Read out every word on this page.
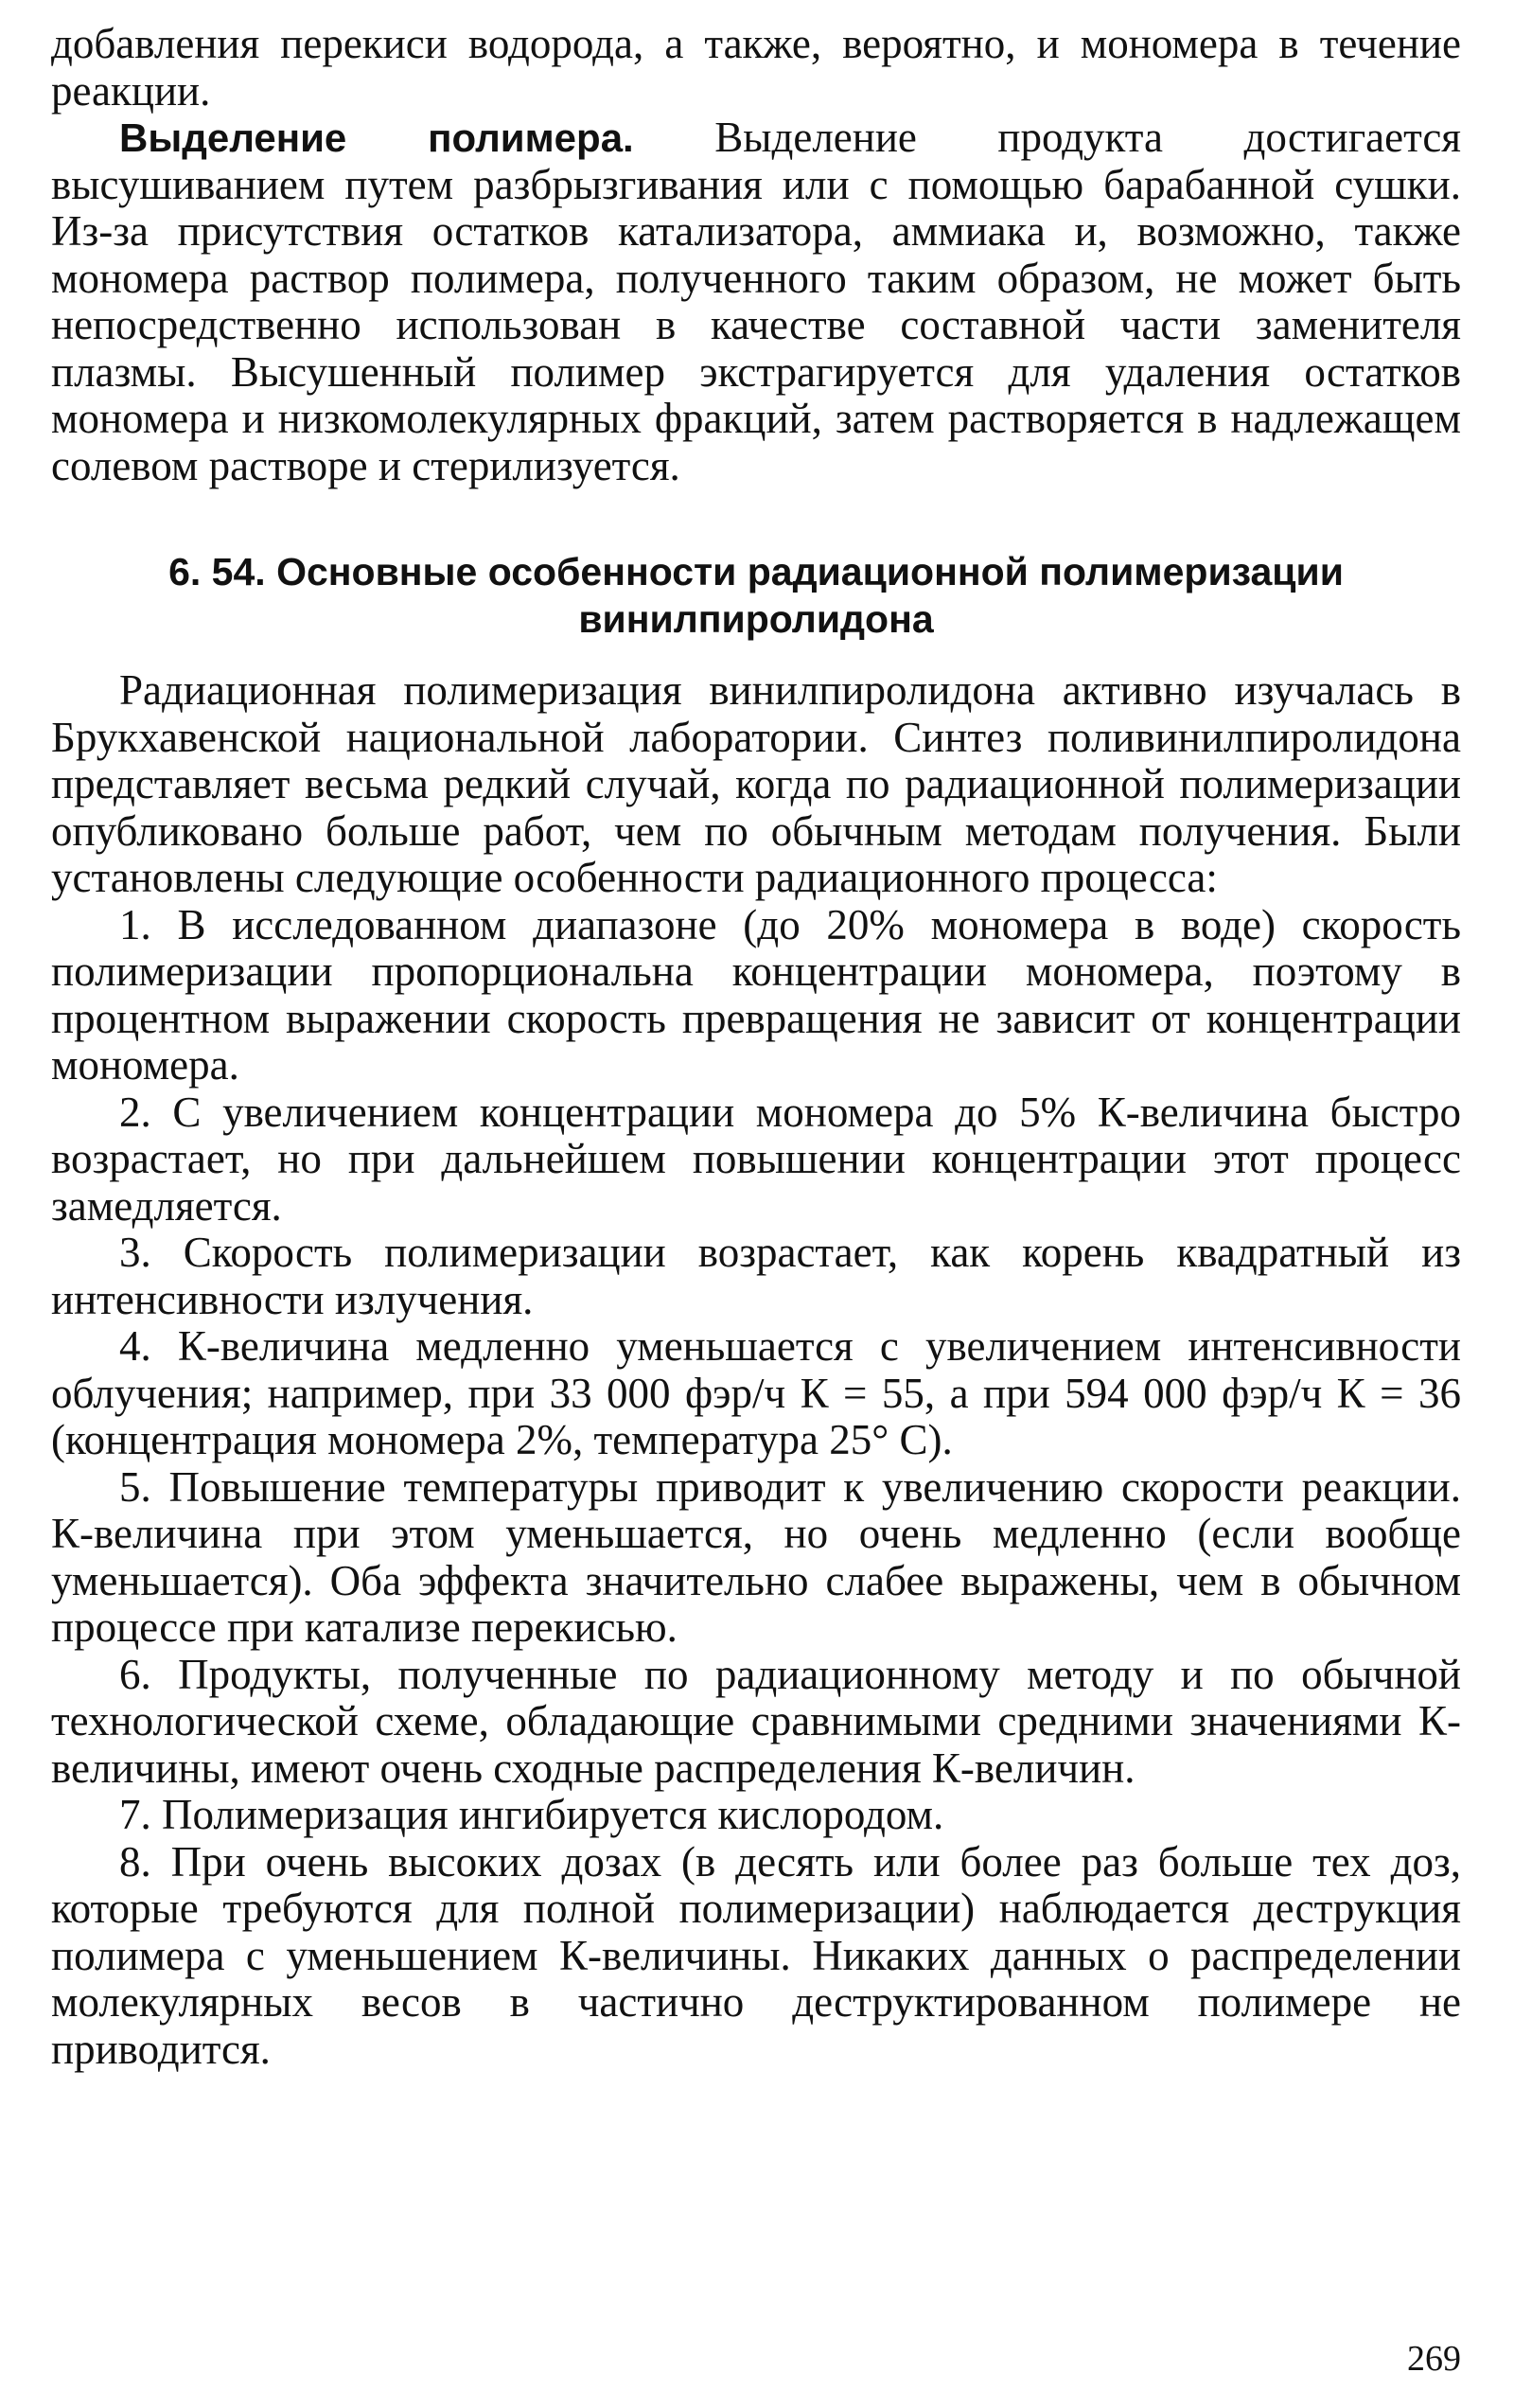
добавления перекиси водорода, а также, вероятно, и мономера в течение реакции.

Выделение полимера. Выделение продукта достигается высушиванием путем разбрызгивания или с помощью барабанной сушки. Из-за присутствия остатков катализатора, аммиака и, возможно, также мономера раствор полимера, полученного таким образом, не может быть непосредственно использован в качестве составной части заменителя плазмы. Высушенный полимер экстрагируется для удаления остатков мономера и низкомолекулярных фракций, затем растворяется в надлежащем солевом растворе и стерилизуется.

6. 54. Основные особенности радиационной полимеризации винилпиролидона

Радиационная полимеризация винилпиролидона активно изучалась в Брукхавенской национальной лаборатории. Синтез поливинилпиролидона представляет весьма редкий случай, когда по радиационной полимеризации опубликовано больше работ, чем по обычным методам получения. Были установлены следующие особенности радиационного процесса:

1. В исследованном диапазоне (до 20% мономера в воде) скорость полимеризации пропорциональна концентрации мономера, поэтому в процентном выражении скорость превращения не зависит от концентрации мономера.

2. С увеличением концентрации мономера до 5% К-величина быстро возрастает, но при дальнейшем повышении концентрации этот процесс замедляется.

3. Скорость полимеризации возрастает, как корень квадратный из интенсивности излучения.

4. К-величина медленно уменьшается с увеличением интенсивности облучения; например, при 33 000 фэр/ч К = 55, а при 594 000 фэр/ч К = 36 (концентрация мономера 2%, температура 25° С).

5. Повышение температуры приводит к увеличению скорости реакции. К-величина при этом уменьшается, но очень медленно (если вообще уменьшается). Оба эффекта значительно слабее выражены, чем в обычном процессе при катализе перекисью.

6. Продукты, полученные по радиационному методу и по обычной технологической схеме, обладающие сравнимыми средними значениями К-величины, имеют очень сходные распределения К-величин.

7. Полимеризация ингибируется кислородом.

8. При очень высоких дозах (в десять или более раз больше тех доз, которые требуются для полной полимеризации) наблюдается деструкция полимера с уменьшением К-величины. Никаких данных о распределении молекулярных весов в частично деструктированном полимере не приводится.

269
